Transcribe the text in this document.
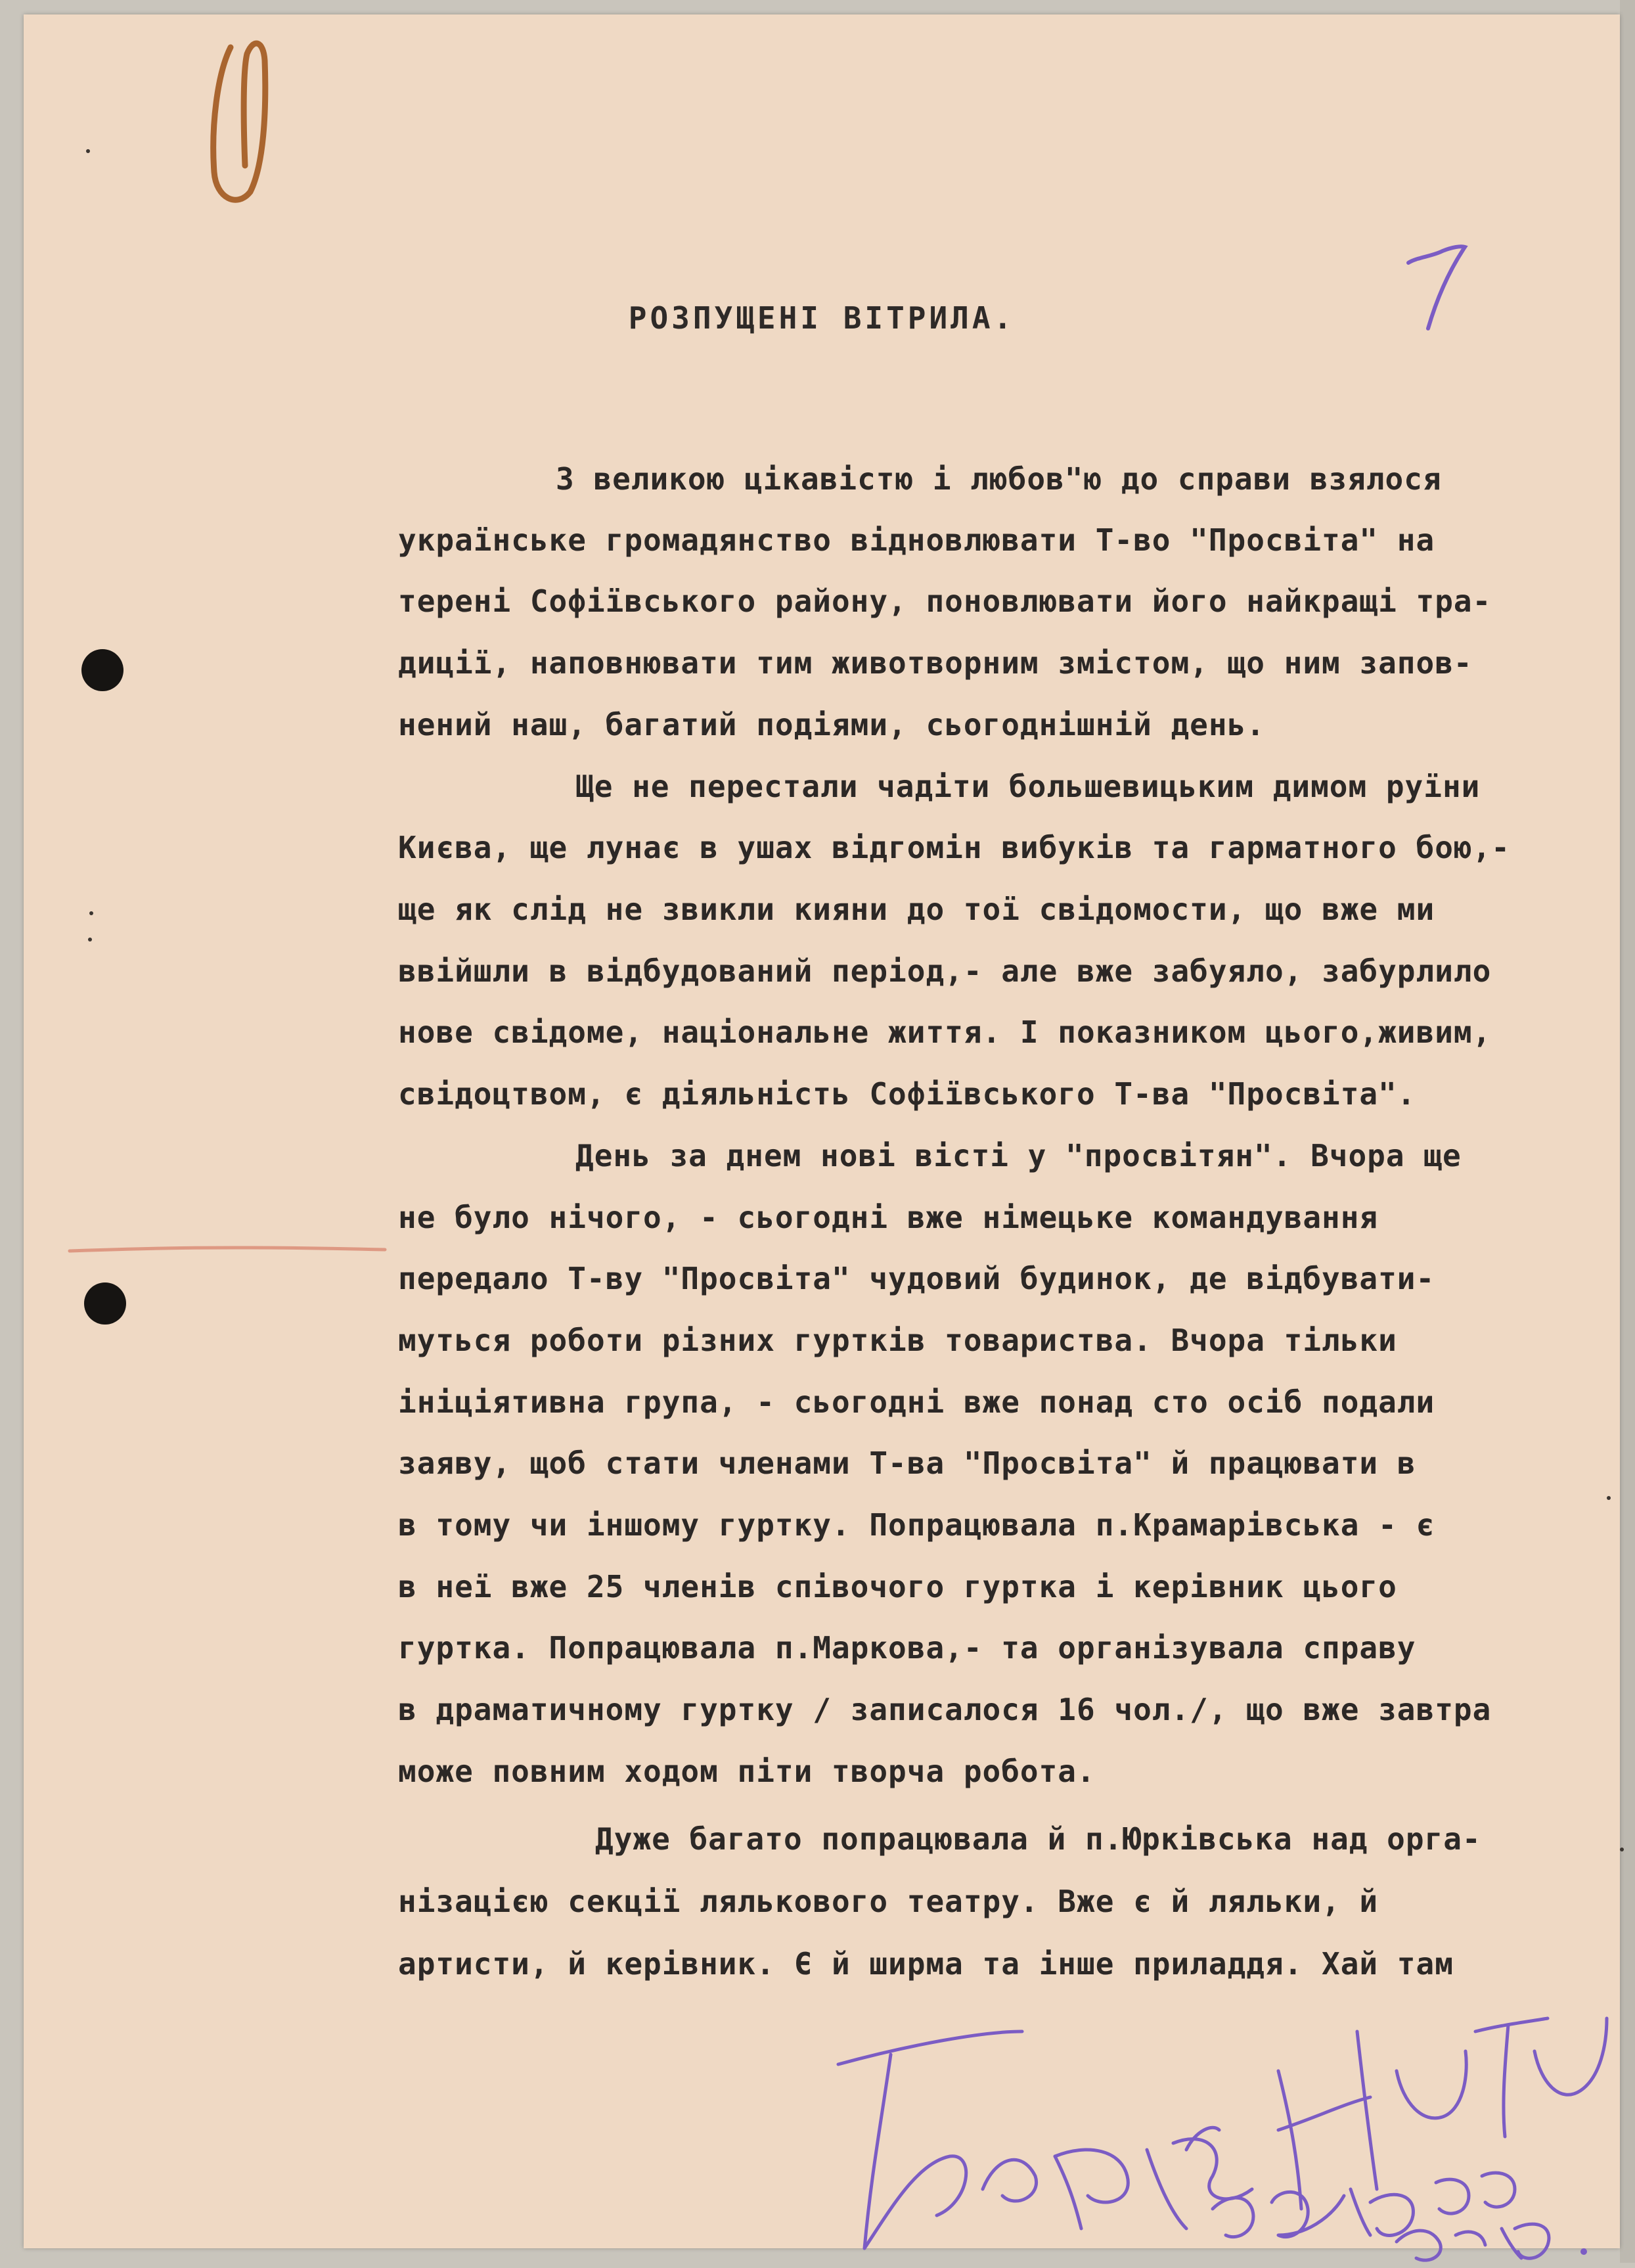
РОЗПУЩЕНІ ВІТРИЛА.
З великою цікавістю і любов"ю до справи взялося
українське громадянство відновлювати Т-во "Просвіта" на
терені Софіївського району, поновлювати його найкращі тра-
диції, наповнювати тим животворним змістом, що ним запов-
нений наш, багатий подіями, сьогоднішній день.
Ще не перестали чадіти большевицьким димом руїни
Києва, ще лунає в ушах відгомін вибуків та гарматного бою,-
ще як слід не звикли кияни до тої свідомости, що вже ми
ввійшли в відбудований період,- але вже забуяло, забурлило
нове свідоме, національне життя. І показником цього,живим,
свідоцтвом, є діяльність Софіївського Т-ва "Просвіта".
День за днем нові вісті у "просвітян". Вчора ще
не було нічого, - сьогодні вже німецьке командування
передало Т-ву "Просвіта" чудовий будинок, де відбувати-
муться роботи різних гуртків товариства. Вчора тільки
ініціятивна група, - сьогодні вже понад сто осіб подали
заяву, щоб стати членами Т-ва "Просвіта" й працювати в
в тому чи іншому гуртку. Попрацювала п.Крамарівська - є
в неї вже 25 членів співочого гуртка і керівник цього
гуртка. Попрацювала п.Маркова,- та організувала справу
в драматичному гуртку / записалося 16 чол./, що вже завтра
може повним ходом піти творча робота.
Дуже багато попрацювала й п.Юрківська над орга-
нізацією секції лялькового театру. Вже є й ляльки, й
артисти, й керівник. Є й ширма та інше приладдя. Хай там
